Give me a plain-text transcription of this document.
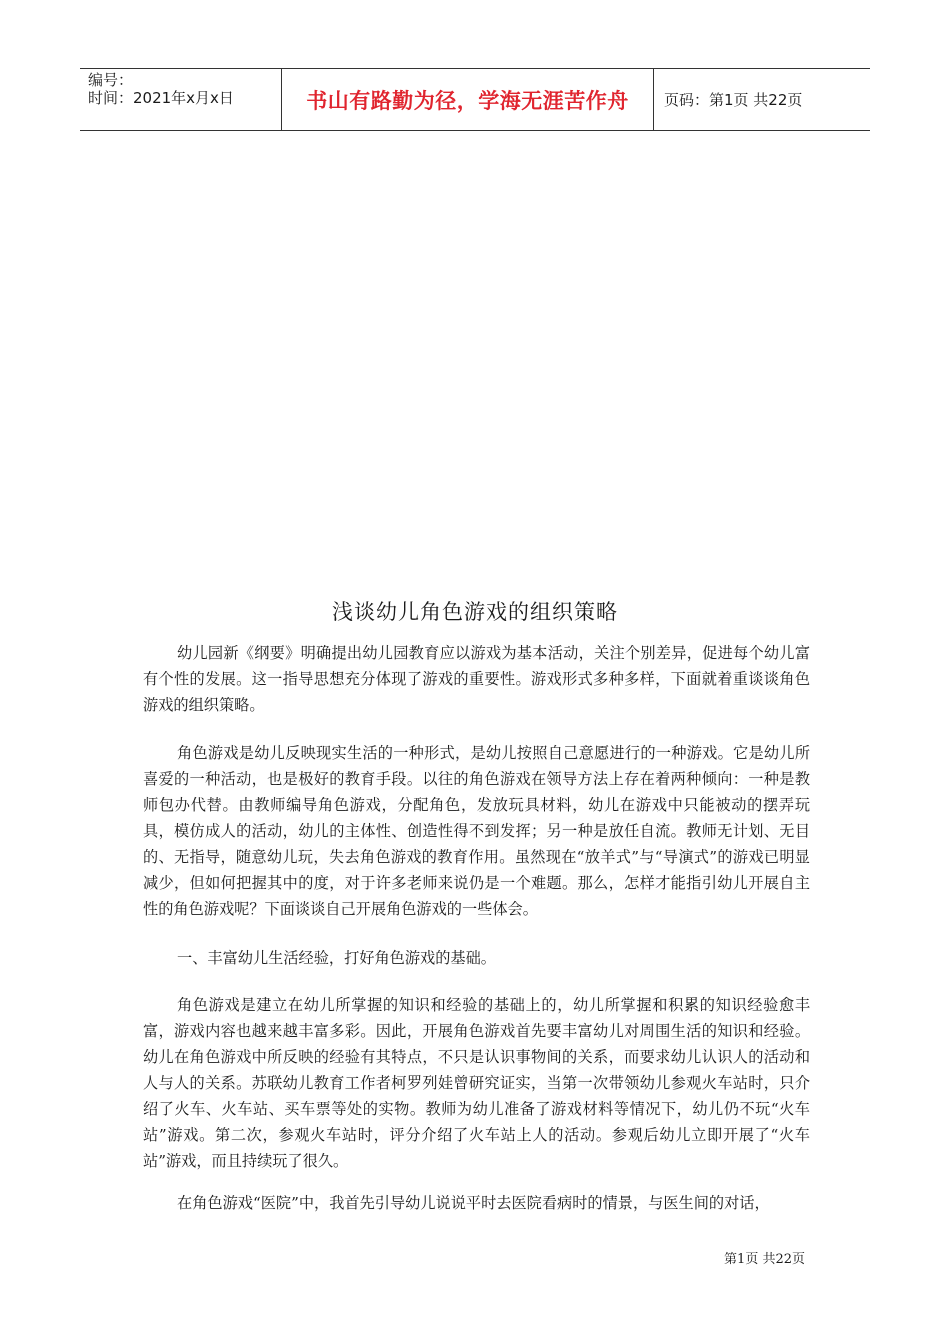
编号：
时间：2021年x月x日	书山有路勤为径，学海无涯苦作舟 页码：第1页 共22页
浅谈幼儿角色游戏的组织策略

幼儿园新《纲要》明确提出幼儿园教育应以游戏为基本活动，关注个别差异，促进每个幼儿富有个性的发展。这一指导思想充分体现了游戏的重要性。游戏形式多种多样，下面就着重谈谈角色游戏的组织策略。

角色游戏是幼儿反映现实生活的一种形式，是幼儿按照自己意愿进行的一种游戏。它是幼儿所喜爱的一种活动，也是极好的教育手段。以往的角色游戏在领导方法上存在着两种倾向：一种是教师包办代替。由教师编导角色游戏，分配角色，发放玩具材料，幼儿在游戏中只能被动的摆弄玩具，模仿成人的活动，幼儿的主体性、创造性得不到发挥；另一种是放任自流。教师无计划、无目的、无指导，随意幼儿玩，失去角色游戏的教育作用。虽然现在“放羊式”与“导演式”的游戏已明显减少，但如何把握其中的度，对于许多老师来说仍是一个难题。那么，怎样才能指引幼儿开展自主性的角色游戏呢？下面谈谈自己开展角色游戏的一些体会。

一、丰富幼儿生活经验，打好角色游戏的基础。

角色游戏是建立在幼儿所掌握的知识和经验的基础上的，幼儿所掌握和积累的知识经验愈丰富，游戏内容也越来越丰富多彩。因此，开展角色游戏首先要丰富幼儿对周围生活的知识和经验。幼儿在角色游戏中所反映的经验有其特点，不只是认识事物间的关系，而要求幼儿认识人的活动和人与人的关系。苏联幼儿教育工作者柯罗列娃曾研究证实，当第一次带领幼儿参观火车站时，只介绍了火车、火车站、买车票等处的实物。教师为幼儿准备了游戏材料等情况下，幼儿仍不玩“火车站”游戏。第二次，参观火车站时，评分介绍了火车站上人的活动。参观后幼儿立即开展了“火车站”游戏，而且持续玩了很久。

在角色游戏“医院”中，我首先引导幼儿说说平时去医院看病时的情景，与医生间的对话，

第1页 共22页
